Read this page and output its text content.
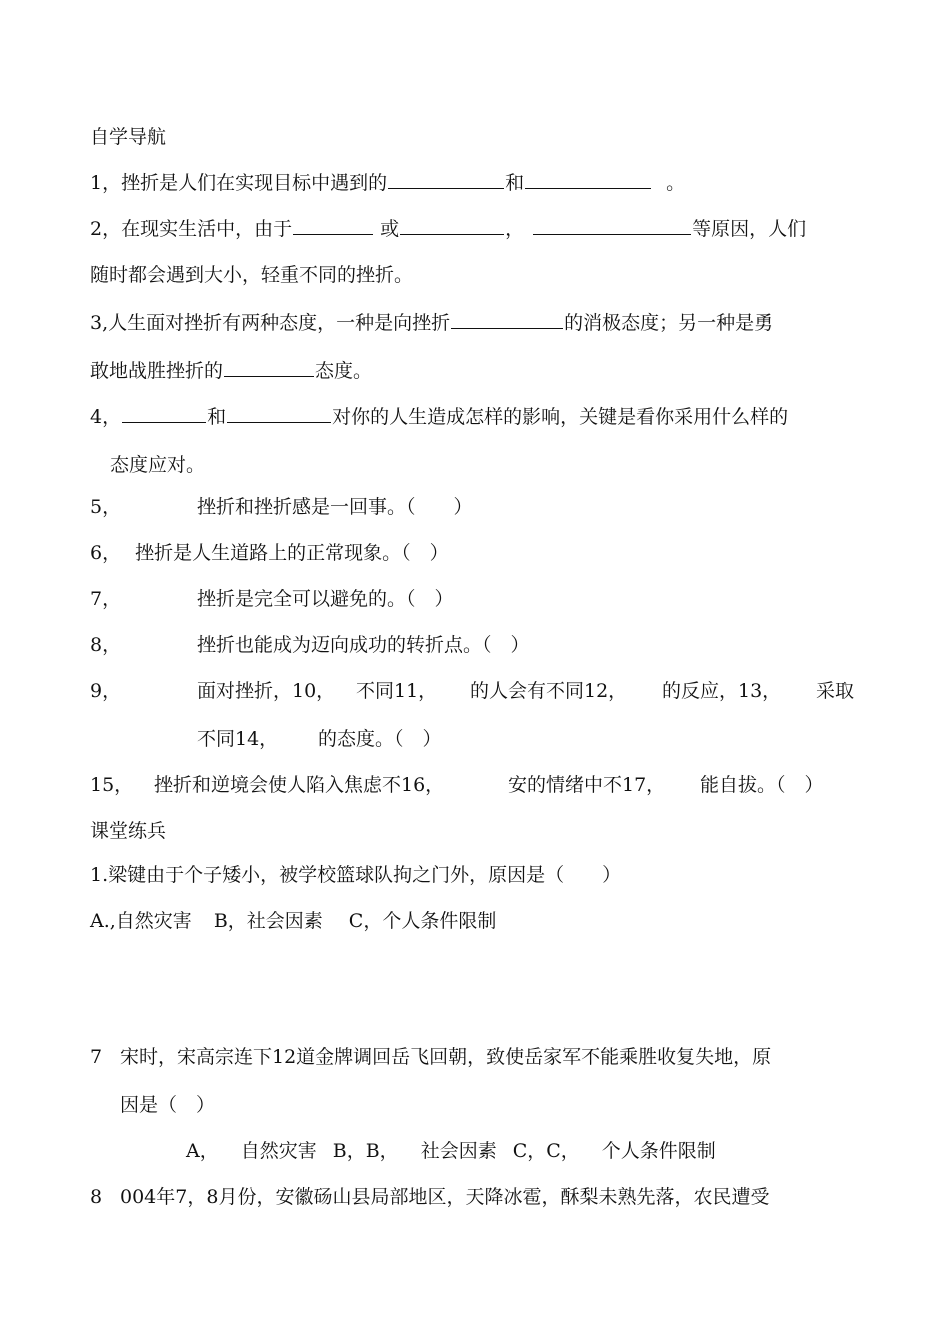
自学导航
1，挫折是人们在实现目标中遇到的	和	。
2，在现实生活中，由于	或	，	等原因，人们
随时都会遇到大小，轻重不同的挫折。
3,人生面对挫折有两种态度，一种是向挫折	的消极态度；另一种是勇
敢地战胜挫折的	态度。
4，	和	对你的人生造成怎样的影响，关键是看你采用什么样的
态度应对。
5，	挫折和挫折感是一回事。（　　）
6， 挫折是人生道路上的正常现象。（　）
7，	挫折是完全可以避免的。（　）
8，	挫折也能成为迈向成功的转折点。（　）
9，	面对挫折，10， 不同11， 的人会有不同12， 的反应，13， 采取
不同14， 的态度。（　）
15， 挫折和逆境会使人陷入焦虑不16，	安的情绪中不17， 能自拔。（　）
课堂练兵
1.梁键由于个子矮小，被学校篮球队拘之门外，原因是（　　）
A.,自然灾害 B，社会因素 C，个人条件限制
7 宋时，宋高宗连下12道金牌调回岳飞回朝，致使岳家军不能乘胜收复失地，原
因是（　）
A， 自然灾害 B，B， 社会因素 C，C， 个人条件限制
8 004年7，8月份，安徽砀山县局部地区，天降冰雹，酥梨未熟先落，农民遭受
